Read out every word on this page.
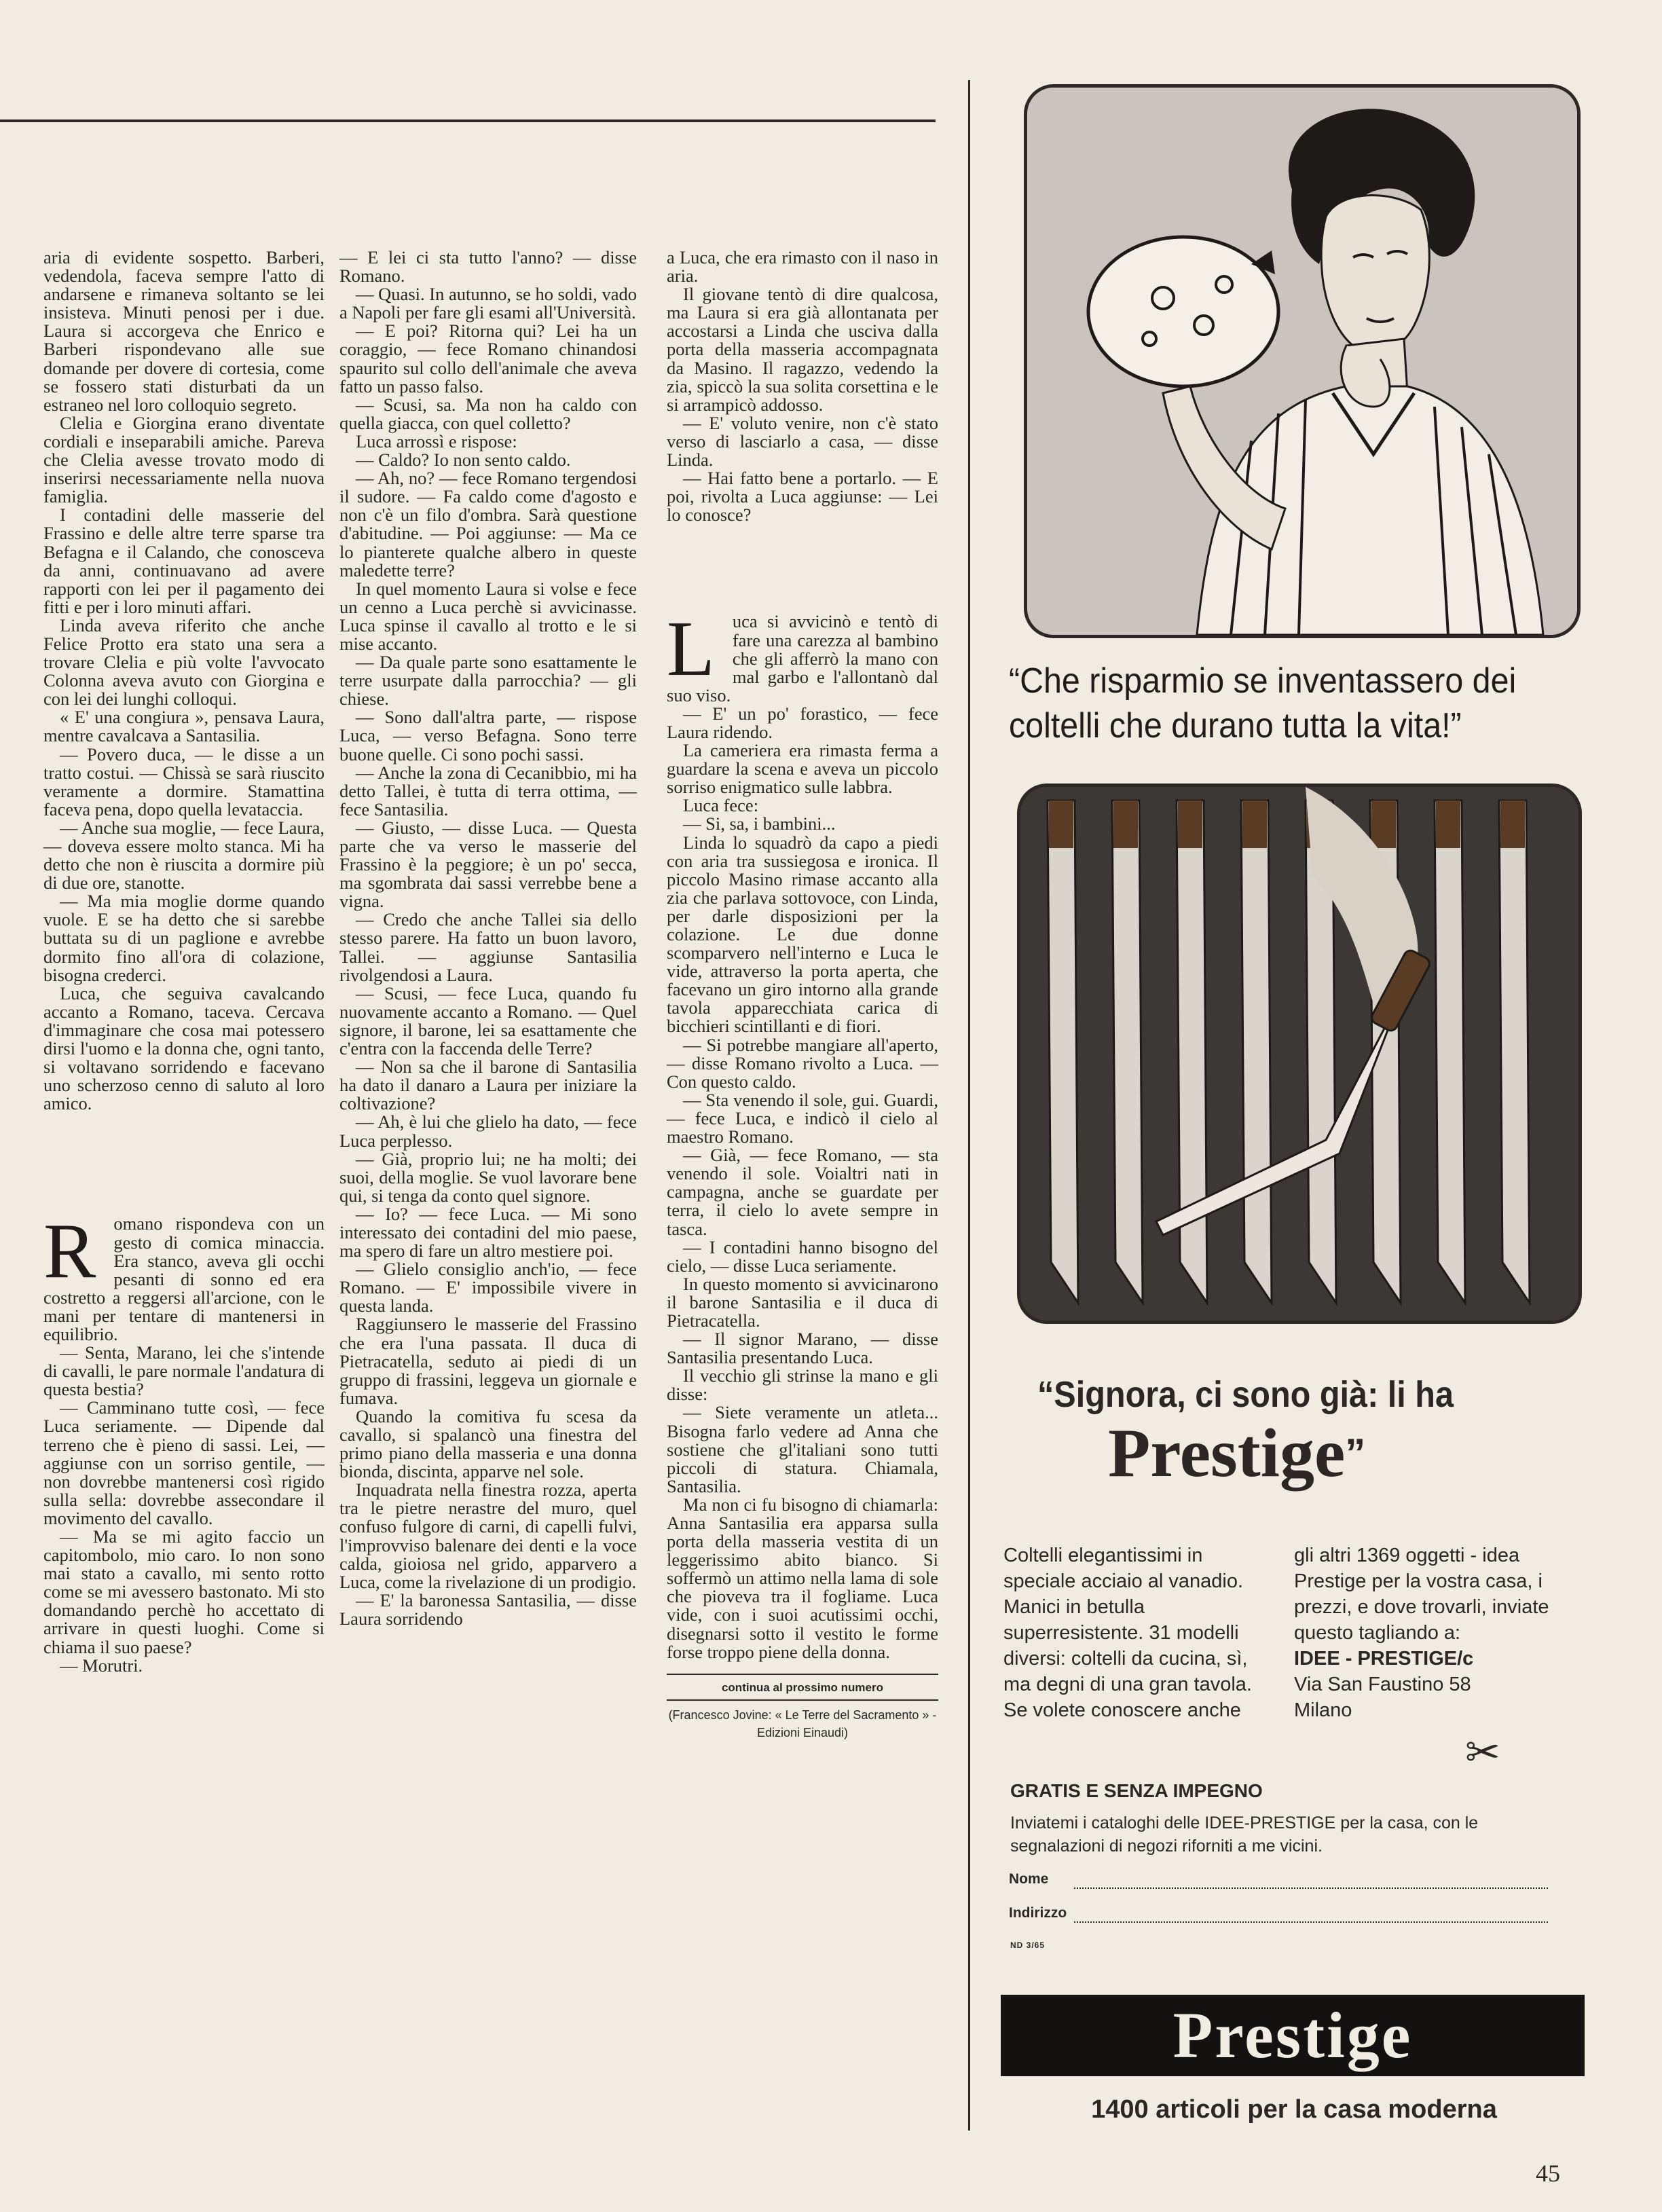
aria di evidente sospetto. Barberi, vedendola, faceva sempre l'atto di andarsene e rimaneva soltanto se lei insisteva. Minuti penosi per i due. Laura si accorgeva che Enrico e Barberi rispondevano alle sue domande per dovere di cortesia, come se fossero stati disturbati da un estraneo nel loro colloquio segreto.

Clelia e Giorgina erano diventate cordiali e inseparabili amiche. Pareva che Clelia avesse trovato modo di inserirsi necessariamente nella nuova famiglia.

I contadini delle masserie del Frassino e delle altre terre sparse tra Befagna e il Calando, che conosceva da anni, continuavano ad avere rapporti con lei per il pagamento dei fitti e per i loro minuti affari.

Linda aveva riferito che anche Felice Protto era stato una sera a trovare Clelia e più volte l'avvocato Colonna aveva avuto con Giorgina e con lei dei lunghi colloqui.

« E' una congiura », pensava Laura, mentre cavalcava a Santasilia.

— Povero duca, — le disse a un tratto costui. — Chissà se sarà riuscito veramente a dormire. Stamattina faceva pena, dopo quella levataccia.

— Anche sua moglie, — fece Laura, — doveva essere molto stanca. Mi ha detto che non è riuscita a dormire più di due ore, stanotte.

— Ma mia moglie dorme quando vuole. E se ha detto che si sarebbe buttata su di un paglione e avrebbe dormito fino all'ora di colazione, bisogna crederci.

Luca, che seguiva cavalcando accanto a Romano, taceva. Cercava d'immaginare che cosa mai potessero dirsi l'uomo e la donna che, ogni tanto, si voltavano sorridendo e facevano uno scherzoso cenno di saluto al loro amico.

R omano rispondeva con un gesto di comica minaccia. Era stanco, aveva gli occhi pesanti di sonno ed era costretto a reggersi all'arcione, con le mani per tentare di mantenersi in equilibrio.

— Senta, Marano, lei che s'intende di cavalli, le pare normale l'andatura di questa bestia?

— Camminano tutte così, — fece Luca seriamente. — Dipende dal terreno che è pieno di sassi. Lei, — aggiunse con un sorriso gentile, — non dovrebbe mantenersi così rigido sulla sella: dovrebbe assecondare il movimento del cavallo.

— Ma se mi agito faccio un capitombolo, mio caro. Io non sono mai stato a cavallo, mi sento rotto come se mi avessero bastonato. Mi sto domandando perchè ho accettato di arrivare in questi luoghi. Come si chiama il suo paese?

— Morutri.

— E lei ci sta tutto l'anno? — disse Romano.

— Quasi. In autunno, se ho soldi, vado a Napoli per fare gli esami all'Università.

— E poi? Ritorna qui? Lei ha un coraggio, — fece Romano chinandosi spaurito sul collo dell'animale che aveva fatto un passo falso.

— Scusi, sa. Ma non ha caldo con quella giacca, con quel colletto?

Luca arrossì e rispose:

— Caldo? Io non sento caldo.

— Ah, no? — fece Romano tergendosi il sudore. — Fa caldo come d'agosto e non c'è un filo d'ombra. Sarà questione d'abitudine. — Poi aggiunse: — Ma ce lo pianterete qualche albero in queste maledette terre?

In quel momento Laura si volse e fece un cenno a Luca perchè si avvicinasse. Luca spinse il cavallo al trotto e le si mise accanto.

— Da quale parte sono esattamente le terre usurpate dalla parrocchia? — gli chiese.

— Sono dall'altra parte, — rispose Luca, — verso Befagna. Sono terre buone quelle. Ci sono pochi sassi.

— Anche la zona di Cecanibbio, mi ha detto Tallei, è tutta di terra ottima, — fece Santasilia.

— Giusto, — disse Luca. — Questa parte che va verso le masserie del Frassino è la peggiore; è un po' secca, ma sgombrata dai sassi verrebbe bene a vigna.

— Credo che anche Tallei sia dello stesso parere. Ha fatto un buon lavoro, Tallei. — aggiunse Santasilia rivolgendosi a Laura.

— Scusi, — fece Luca, quando fu nuovamente accanto a Romano. — Quel signore, il barone, lei sa esattamente che c'entra con la faccenda delle Terre?

— Non sa che il barone di Santasilia ha dato il danaro a Laura per iniziare la coltivazione?

— Ah, è lui che glielo ha dato, — fece Luca perplesso.

— Già, proprio lui; ne ha molti; dei suoi, della moglie. Se vuol lavorare bene qui, si tenga da conto quel signore.

— Io? — fece Luca. — Mi sono interessato dei contadini del mio paese, ma spero di fare un altro mestiere poi.

— Glielo consiglio anch'io, — fece Romano. — E' impossibile vivere in questa landa.

Raggiunsero le masserie del Frassino che era l'una passata. Il duca di Pietracatella, seduto ai piedi di un gruppo di frassini, leggeva un giornale e fumava.

Quando la comitiva fu scesa da cavallo, si spalancò una finestra del primo piano della masseria e una donna bionda, discinta, apparve nel sole.

Inquadrata nella finestra rozza, aperta tra le pietre nerastre del muro, quel confuso fulgore di carni, di capelli fulvi, l'improvviso balenare dei denti e la voce calda, gioiosa nel grido, apparvero a Luca, come la rivelazione di un prodigio.

— E' la baronessa Santasilia, — disse Laura sorridendo

a Luca, che era rimasto con il naso in aria.

Il giovane tentò di dire qualcosa, ma Laura si era già allontanata per accostarsi a Linda che usciva dalla porta della masseria accompagnata da Masino. Il ragazzo, vedendo la zia, spiccò la sua solita corsettina e le si arrampicò addosso.

— E' voluto venire, non c'è stato verso di lasciarlo a casa, — disse Linda.

— Hai fatto bene a portarlo. — E poi, rivolta a Luca aggiunse: — Lei lo conosce?

L uca si avvicinò e tentò di fare una carezza al bambino che gli afferrò la mano con mal garbo e l'allontanò dal suo viso.

— E' un po' forastico, — fece Laura ridendo.

La cameriera era rimasta ferma a guardare la scena e aveva un piccolo sorriso enigmatico sulle labbra.

Luca fece:

— Si, sa, i bambini...

Linda lo squadrò da capo a piedi con aria tra sussiegosa e ironica. Il piccolo Masino rimase accanto alla zia che parlava sottovoce, con Linda, per darle disposizioni per la colazione. Le due donne scomparvero nell'interno e Luca le vide, attraverso la porta aperta, che facevano un giro intorno alla grande tavola apparecchiata carica di bicchieri scintillanti e di fiori.

— Si potrebbe mangiare all'aperto, — disse Romano rivolto a Luca. — Con questo caldo.

— Sta venendo il sole, gui. Guardi, — fece Luca, e indicò il cielo al maestro Romano.

— Già, — fece Romano, — sta venendo il sole. Voialtri nati in campagna, anche se guardate per terra, il cielo lo avete sempre in tasca.

— I contadini hanno bisogno del cielo, — disse Luca seriamente.

In questo momento si avvicinarono il barone Santasilia e il duca di Pietracatella.

— Il signor Marano, — disse Santasilia presentando Luca.

Il vecchio gli strinse la mano e gli disse:

— Siete veramente un atleta... Bisogna farlo vedere ad Anna che sostiene che gl'italiani sono tutti piccoli di statura. Chiamala, Santasilia.

Ma non ci fu bisogno di chiamarla: Anna Santasilia era apparsa sulla porta della masseria vestita di un leggerissimo abito bianco. Si soffermò un attimo nella lama di sole che pioveva tra il fogliame. Luca vide, con i suoi acutissimi occhi, disegnarsi sotto il vestito le forme forse troppo piene della donna.

continua al prossimo numero
(Francesco Jovine: « Le Terre del Sacramento » - Edizioni Einaudi)
“Che risparmio se inventassero dei coltelli che durano tutta la vita!”
“Signora, ci sono già: li ha
Prestige”
Coltelli elegantissimi in speciale acciaio al vanadio. Manici in betulla superresistente. 31 modelli diversi: coltelli da cucina, sì, ma degni di una gran tavola. Se volete conoscere anche
gli altri 1369 oggetti - idea Prestige per la vostra casa, i prezzi, e dove trovarli, inviate questo tagliando a:
IDEE - PRESTIGE/c
Via San Faustino 58
Milano
✂
GRATIS E SENZA IMPEGNO
Inviatemi i cataloghi delle IDEE-PRESTIGE per la casa, con le segnalazioni di negozi riforniti a me vicini.
Nome
Indirizzo
ND 3/65
Prestige
1400 articoli per la casa moderna
45
